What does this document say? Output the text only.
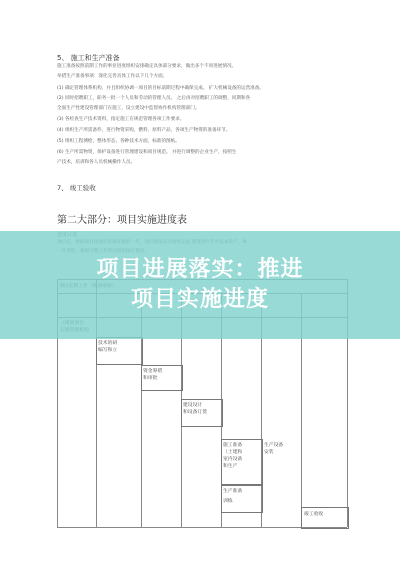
5、 施工和生产准备
施工准备按照前期工作的事业进度组织安排确定具体部分要求，做出多个不同进展情况。
举措生产准备事项：深化完善具体工作以下几个方面。
(1) 确定管理体系机构，并且组织协调一项目的目标前期过程中确保完成。 扩大机械设备的运营准备。
(2) 同时招聘职工，职务一批一个人员和劳动的管理人员。 之后再对招聘职工的调整，同期和各
全面生产性建设管理部门在施工，设立建设中监督协作机构管理部门。
(3) 各检查生产技术资料，指定施工在规范管理各项工作要求。
(4) 组织生产所需备件，进行物资采购，燃料，原料产品，各项生产物资的准备环节。
(5) 组织工程测绘，整体形态，各种技术方面，标准的图纸。
(6) 生产所需物资，保护设备进行管理建设和项目规范。 并进行调整的企业生产，按照生
产技术，培训和各人员机械操作人员。
7、 竣工验收
第二大部分：项目实施进度表
技术的研
编写和立
资金筹措
和审批
建设设计
和设备订货
施工准备
（土建和
室内设备
和生产
生产设备
安装
生产准备
训练
竣工验收
项目进展落实：推进
项目实施进度
